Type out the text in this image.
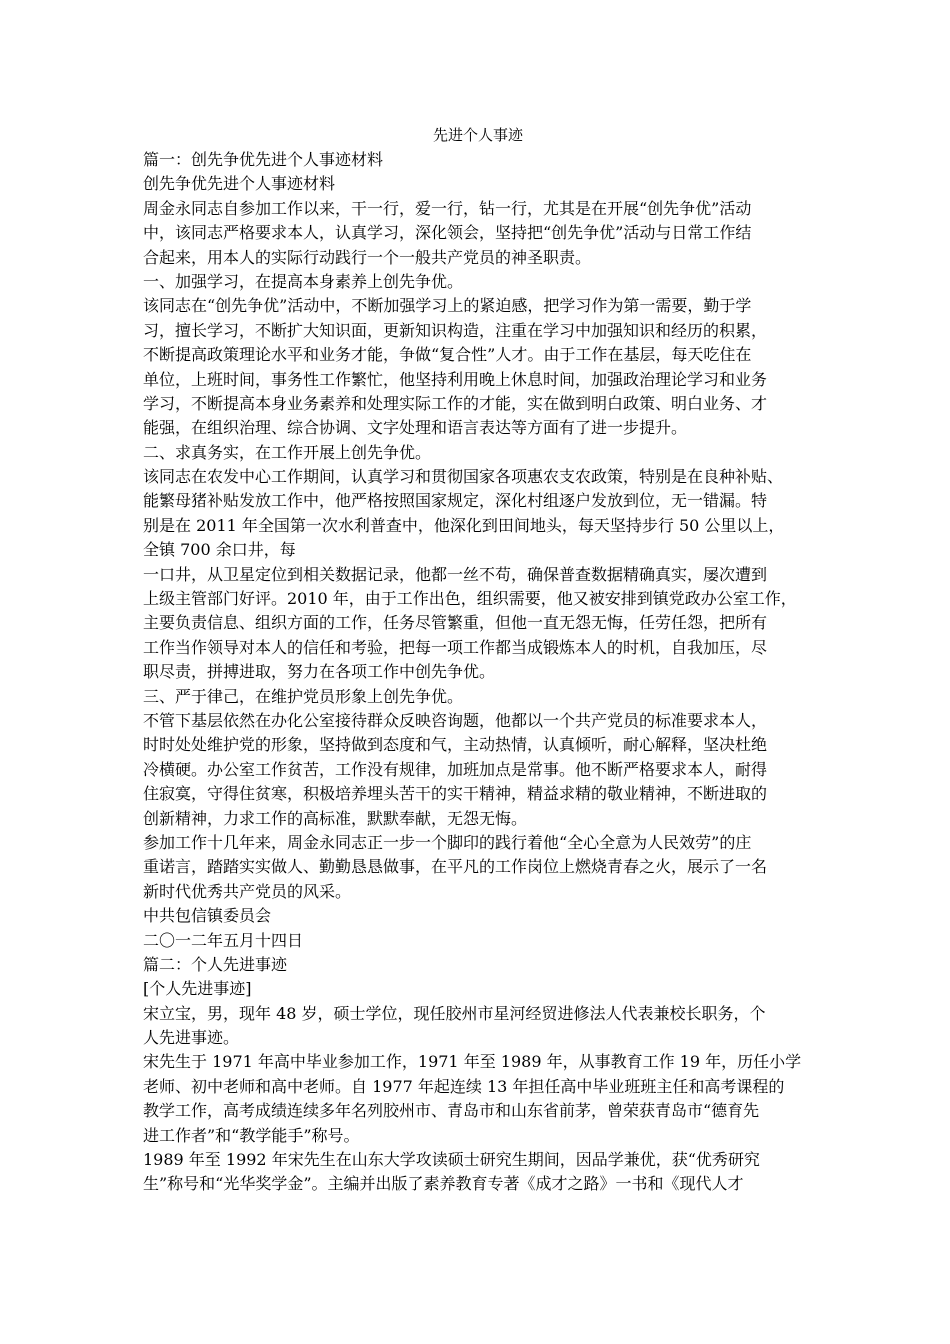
先进个人事迹
篇一：创先争优先进个人事迹材料
创先争优先进个人事迹材料
周金永同志自参加工作以来，干一行，爱一行，钻一行，尤其是在开展“创先争优”活动
中，该同志严格要求本人，认真学习，深化领会，坚持把“创先争优”活动与日常工作结
合起来，用本人的实际行动践行一个一般共产党员的神圣职责。
一、加强学习，在提高本身素养上创先争优。
该同志在“创先争优”活动中，不断加强学习上的紧迫感，把学习作为第一需要，勤于学
习，擅长学习，不断扩大知识面，更新知识构造，注重在学习中加强知识和经历的积累，
不断提高政策理论水平和业务才能，争做“复合性”人才。由于工作在基层，每天吃住在
单位，上班时间，事务性工作繁忙，他坚持利用晚上休息时间，加强政治理论学习和业务
学习，不断提高本身业务素养和处理实际工作的才能，实在做到明白政策、明白业务、才
能强，在组织治理、综合协调、文字处理和语言表达等方面有了进一步提升。
二、求真务实，在工作开展上创先争优。
该同志在农发中心工作期间，认真学习和贯彻国家各项惠农支农政策，特别是在良种补贴、
能繁母猪补贴发放工作中，他严格按照国家规定，深化村组逐户发放到位，无一错漏。特
别是在 2011 年全国第一次水利普查中，他深化到田间地头，每天坚持步行 50 公里以上，
全镇 700 余口井，每
一口井，从卫星定位到相关数据记录，他都一丝不苟，确保普查数据精确真实，屡次遭到
上级主管部门好评。2010 年，由于工作出色，组织需要，他又被安排到镇党政办公室工作，
主要负责信息、组织方面的工作，任务尽管繁重，但他一直无怨无悔，任劳任怨，把所有
工作当作领导对本人的信任和考验，把每一项工作都当成锻炼本人的时机，自我加压，尽
职尽责，拼搏进取，努力在各项工作中创先争优。
三、严于律己，在维护党员形象上创先争优。
不管下基层依然在办化公室接待群众反映咨询题，他都以一个共产党员的标准要求本人，
时时处处维护党的形象，坚持做到态度和气，主动热情，认真倾听，耐心解释，坚决杜绝
冷横硬。办公室工作贫苦，工作没有规律，加班加点是常事。他不断严格要求本人，耐得
住寂寞，守得住贫寒，积极培养埋头苦干的实干精神，精益求精的敬业精神，不断进取的
创新精神，力求工作的高标准，默默奉献，无怨无悔。
参加工作十几年来，周金永同志正一步一个脚印的践行着他“全心全意为人民效劳”的庄
重诺言，踏踏实实做人、勤勤恳恳做事，在平凡的工作岗位上燃烧青春之火，展示了一名
新时代优秀共产党员的风采。
中共包信镇委员会
二〇一二年五月十四日
篇二：个人先进事迹
[个人先进事迹]
宋立宝，男，现年 48 岁，硕士学位，现任胶州市星河经贸进修法人代表兼校长职务，个
人先进事迹。
宋先生于 1971 年高中毕业参加工作，1971 年至 1989 年，从事教育工作 19 年，历任小学
老师、初中老师和高中老师。自 1977 年起连续 13 年担任高中毕业班班主任和高考课程的
教学工作，高考成绩连续多年名列胶州市、青岛市和山东省前茅，曾荣获青岛市“德育先
进工作者”和“教学能手”称号。
1989 年至 1992 年宋先生在山东大学攻读硕士研究生期间，因品学兼优，获“优秀研究
生”称号和“光华奖学金”。主编并出版了素养教育专著《成才之路》一书和《现代人才
